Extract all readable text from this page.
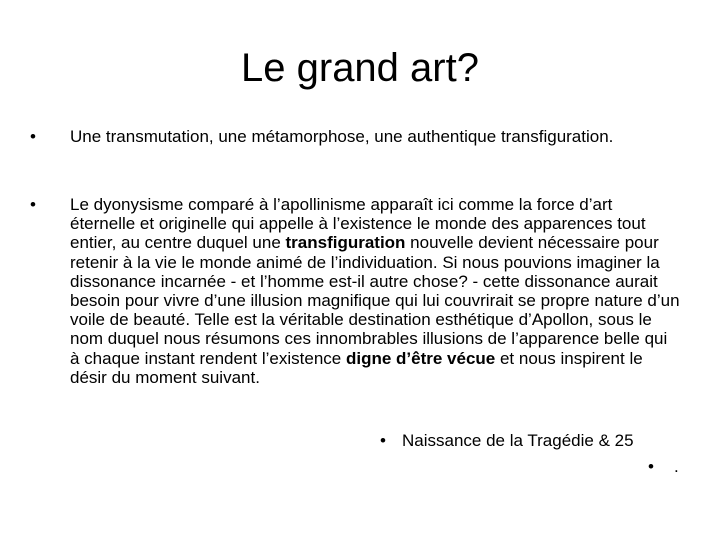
Le grand art?
•	Une transmutation, une métamorphose, une authentique transfiguration.
•	Le dyonysisme comparé à l’apollinisme apparaît ici comme la force d’art éternelle et originelle qui appelle à l’existence le monde des apparences tout entier, au centre duquel une transfiguration nouvelle devient nécessaire pour retenir à la vie le monde animé de l’individuation. Si nous pouvions imaginer la dissonance incarnée - et l’homme est-il autre chose? - cette dissonance aurait besoin pour vivre d’une illusion magnifique qui lui couvrirait se propre nature d’un voile de beauté. Telle est la véritable destination esthétique d’Apollon, sous le nom duquel nous résumons ces innombrables illusions de l’apparence belle qui à chaque instant rendent l’existence digne d’être vécue et nous inspirent le désir du moment suivant.
• Naissance de la Tragédie & 25
• .
